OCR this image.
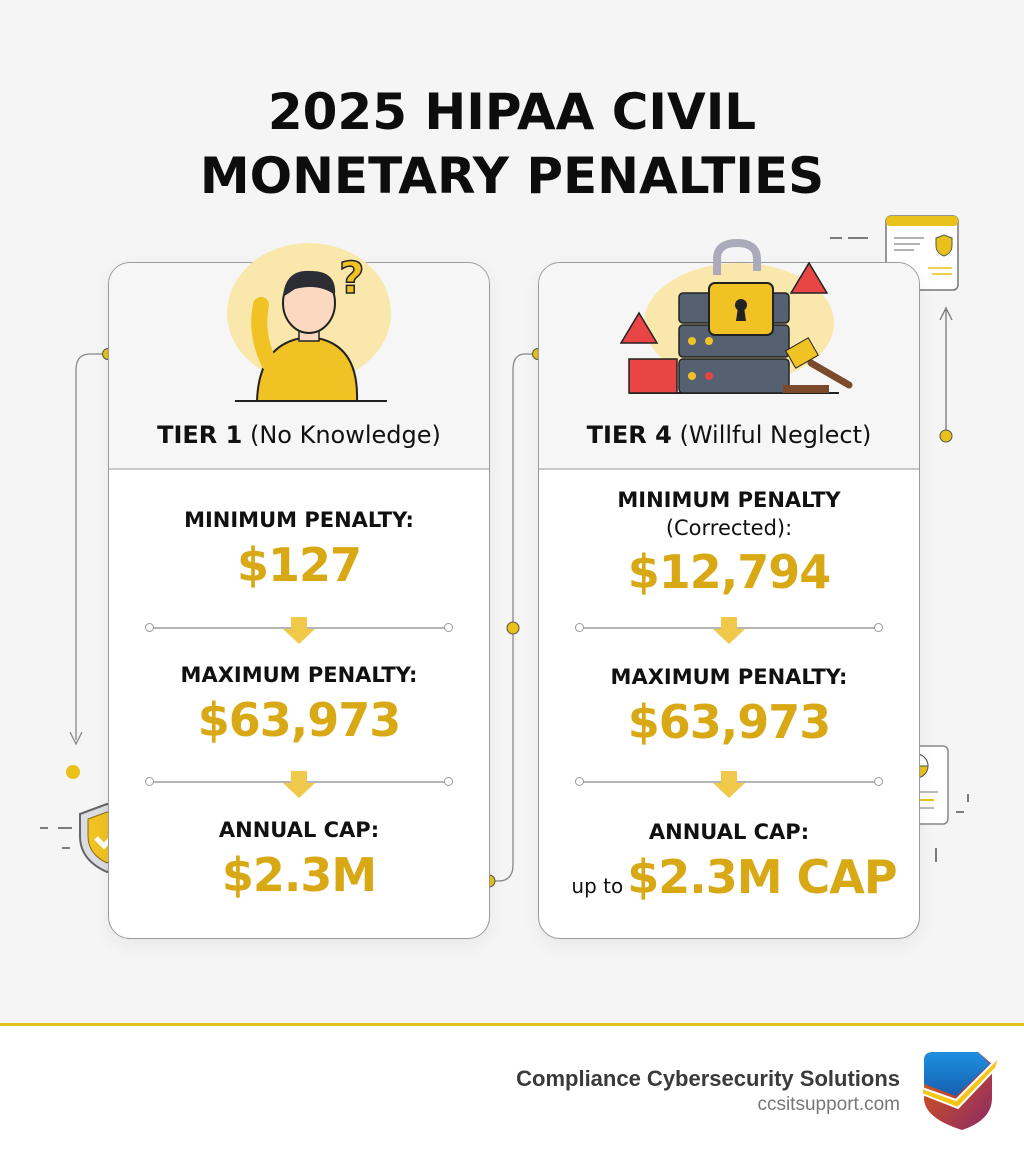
2025 HIPAA CIVIL
MONETARY PENALTIES
?
TIER 1 (No Knowledge)
MINIMUM PENALTY:
$127
MAXIMUM PENALTY:
$63,973
ANNUAL CAP:
$2.3M
TIER 4 (Willful Neglect)
MINIMUM PENALTY
(Corrected):
$12,794
MAXIMUM PENALTY:
$63,973
ANNUAL CAP:
up to$2.3M CAP
Compliance Cybersecurity Solutions
ccsitsupport.com
